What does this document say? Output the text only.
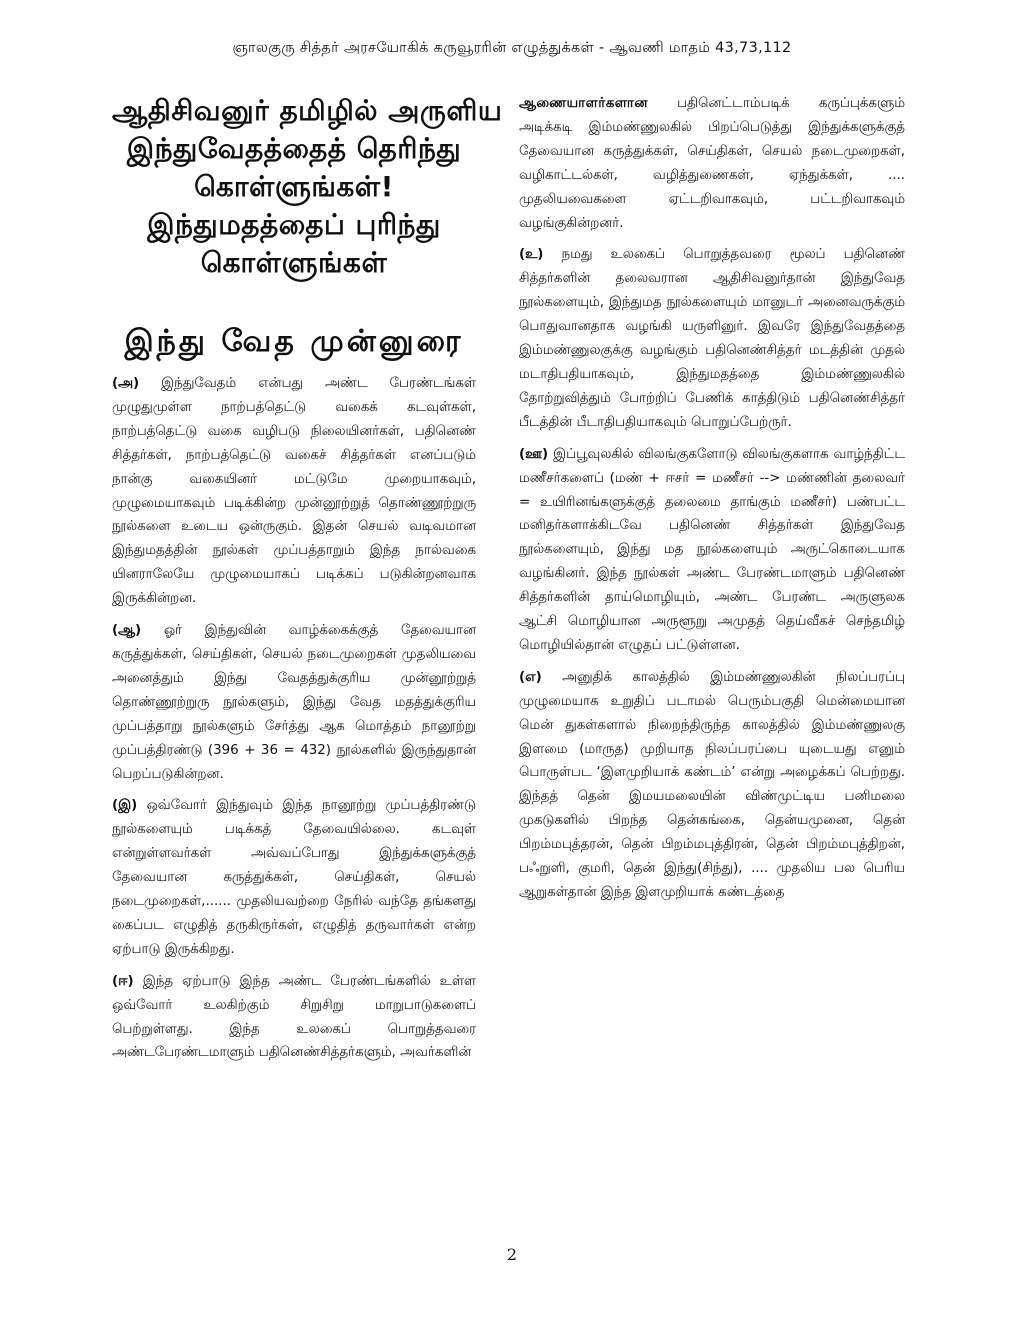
ஞாலகுரு சித்தர் அரசயோகிக் கருவூரரின் எழுத்துக்கள் - ஆவணி மாதம் 43,73,112
ஆதிசிவனுர் தமிழில் அருளிய
இந்துவேதத்தைத் தெரிந்து
கொள்ளுங்கள்!
இந்துமதத்தைப் புரிந்து
கொள்ளுங்கள்
இந்து வேத முன்னுரை

(அ) இந்துவேதம் என்பது அண்ட பேரண்டங்கள் முழுதுமுள்ள நாற்பத்தெட்டு வகைக் கடவுள்கள், நாற்பத்தெட்டு வகை வழிபடு நிலையினர்கள், பதினெண் சித்தர்கள், நாற்பத்தெட்டு வகைச் சித்தர்கள் எனப்படும் நான்கு வகையினர் மட்டுமே முறையாகவும், முழுமையாகவும் படிக்கின்ற முன்னூற்றுத் தொண்ணூற்றுரு நூல்களை உடைய ஒன்ருகும். இதன் செயல் வடிவமான இந்துமதத்தின் நூல்கள் முப்பத்தாறும் இந்த நால்வகை யினராலேயே முழுமையாகப் படிக்கப் படுகின்றனவாக இருக்கின்றன.

(ஆ) ஓர் இந்துவின் வாழ்க்கைக்குத் தேவையான கருத்துக்கள், செய்திகள், செயல் நடைமுறைகள் முதலியவை அனைத்தும் இந்து வேதத்துக்குரிய முன்னூற்றுத் தொண்ணூற்றுரு நூல்களும், இந்து வேத மதத்துக்குரிய முப்பத்தாறு நூல்களும் சேர்த்து ஆக மொத்தம் நானூற்று முப்பத்திரண்டு (396 + 36 = 432) நூல்களில் இருந்துதான் பெறப்படுகின்றன.

(இ) ஒவ்வோர் இந்துவும் இந்த நானூற்று முப்பத்திரண்டு நூல்களையும் படிக்கத் தேவையில்லை. கடவுள் என்றுள்ளவர்கள் அவ்வப்போது இந்துக்களுக்குத் தேவையான கருத்துக்கள், செய்திகள், செயல் நடைமுறைகள்,...... முதலியவற்றை நேரில் வந்தே தங்களது கைப்பட எழுதித் தருகிருர்கள், எழுதித் தருவார்கள் என்ற ஏற்பாடு இருக்கிறது.

(ஈ) இந்த ஏற்பாடு இந்த அண்ட பேரண்டங்களில் உள்ள ஒவ்வோர் உலகிற்கும் சிறுசிறு மாறுபாடுகளைப் பெற்றுள்ளது. இந்த உலகைப் பொறுத்தவரை அண்டபேரண்டமாளும் பதினெண்சித்தர்களும், அவர்களின்

ஆணையாளர்களான பதினெட்டாம்படிக் கருப்புக்களும் அடிக்கடி இம்மண்ணுலகில் பிறப்பெடுத்து இந்துக்களுக்குத் தேவையான கருத்துக்கள், செய்திகள், செயல் நடைமுறைகள், வழிகாட்டல்கள், வழித்துணைகள், ஏந்துக்கள், .... முதலியவைகளை ஏட்டறிவாகவும், பட்டறிவாகவும் வழங்குகின்றனர்.

(உ) நமது உலகைப் பொறுத்தவரை மூலப் பதினெண் சித்தர்களின் தலைவரான ஆதிசிவனுர்தான் இந்துவேத நூல்களையும், இந்துமத நூல்களையும் மானுடர் அனைவருக்கும் பொதுவானதாக வழங்கி யருளினுர். இவரே இந்துவேதத்தை இம்மண்ணுலகுக்கு வழங்கும் பதினெண்சித்தர் மடத்தின் முதல் மடாதிபதியாகவும், இந்துமதத்தை இம்மண்ணுலகில் தோற்றுவித்தும் போற்றிப் பேணிக் காத்திடும் பதினெண்சித்தர் பீடத்தின் பீடாதிபதியாகவும் பொறுப்பேற்ருர்.

(ஊ) இப்பூவுலகில் விலங்குகளோடு விலங்குகளாக வாழ்ந்திட்ட மணீசர்களைப் (மண் + ஈசர் = மணீசர் --> மண்ணின் தலைவர் = உயிரினங்களுக்குத் தலைமை தாங்கும் மணீசர்) பண்பட்ட மனிதர்களாக்கிடவே பதினெண் சித்தர்கள் இந்துவேத நூல்களையும், இந்து மத நூல்களையும் அருட்கொடையாக வழங்கினர். இந்த நூல்கள் அண்ட பேரண்டமாளும் பதினெண் சித்தர்களின் தாய்மொழியும், அண்ட பேரண்ட அருளுலக ஆட்சி மொழியான அருளூறு அமுதத் தெய்வீகச் செந்தமிழ் மொழியில்தான் எழுதப் பட்டுள்ளன.

(எ) அனுதிக் காலத்தில் இம்மண்ணுலகின் நிலப்பரப்பு முழுமையாக உறுதிப் படாமல் பெரும்பகுதி மென்மையான மென் துகள்களால் நிறைந்திருந்த காலத்தில் இம்மண்ணுலகு இளமை (மாருத) முறியாத நிலப்பரப்பை யுடையது எனும் பொருள்பட ‘இளமுறியாக் கண்டம்’ என்று அழைக்கப் பெற்றது. இந்தத் தென் இமயமலையின் விண்முட்டிய பனிமலை முகடுகளில் பிறந்த தென்கங்கை, தென்யமுனை, தென் பிறம்மபுத்தரன், தென் பிறம்மபுத்திரன், தென் பிறம்மபுத்திறன், பஃறுளி, குமரி, தென் இந்து(சிந்து), .... முதலிய பல பெரிய ஆறுகள்தான் இந்த இளமுறியாக் கண்டத்தை

2
